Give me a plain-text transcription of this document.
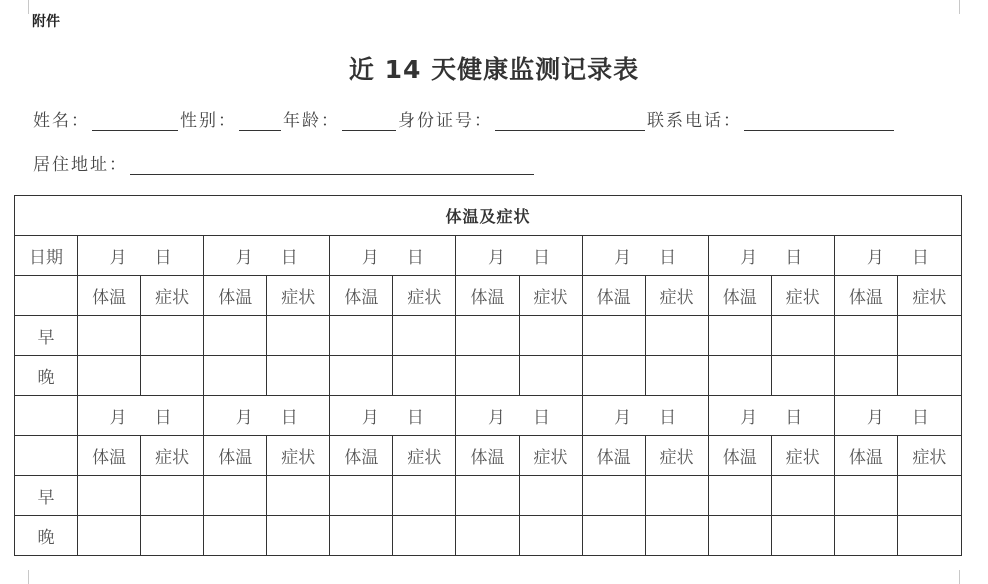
附件
近 14 天健康监测记录表
姓名：	性别：	年龄：	身份证号：	联系电话：
居住地址：
体温及症状														
日期	月 日		月 日		月 日		月 日		月 日		月 日		月 日	

	体温	症状	体温	症状	体温	症状	体温	症状	体温	症状	体温	症状	体温	症状
早														
晚														

	月 日		月 日		月 日		月 日		月 日		月 日		月 日	

	体温	症状	体温	症状	体温	症状	体温	症状	体温	症状	体温	症状	体温	症状
早														
晚														
